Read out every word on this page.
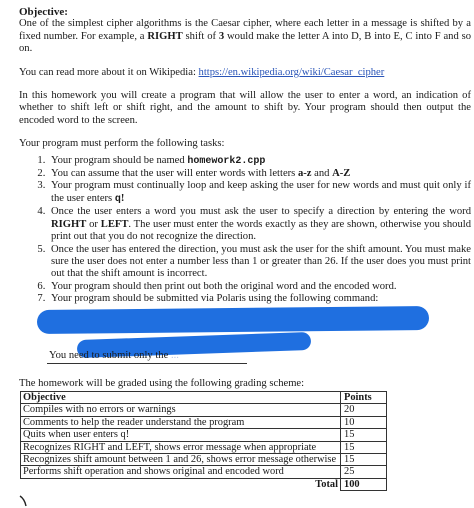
Objective:

One of the simplest cipher algorithms is the Caesar cipher, where each letter in a message is shifted by a fixed number. For example, a RIGHT shift of 3 would make the letter A into D, B into E, C into F and so on.

You can read more about it on Wikipedia: https://en.wikipedia.org/wiki/Caesar_cipher

In this homework you will create a program that will allow the user to enter a word, an indication of whether to shift left or shift right, and the amount to shift by. Your program should then output the encoded word to the screen.

Your program must perform the following tasks:

1. Your program should be named homework2.cpp
2. You can assume that the user will enter words with letters a-z and A-Z
3. Your program must continually loop and keep asking the user for new words and must quit only if the user enters q!
4. Once the user enters a word you must ask the user to specify a direction by entering the word RIGHT or LEFT. The user must enter the words exactly as they are shown, otherwise you should print out that you do not recognize the direction.
5. Once the user has entered the direction, you must ask the user for the shift amount. You must make sure the user does not enter a number less than 1 or greater than 26. If the user does you must print out that the shift amount is incorrect.
6. Your program should then print out both the original word and the encoded word.
7. Your program should be submitted via Polaris using the following command:
You need to submit only the ...

The homework will be graded using the following grading scheme:

Objective	Points
Compiles with no errors or warnings	20
Comments to help the reader understand the program	10
Quits when user enters q!	15
Recognizes RIGHT and LEFT, shows error message when appropriate	15
Recognizes shift amount between 1 and 26, shows error message otherwise	15
Performs shift operation and shows original and encoded word	25
Total	100
